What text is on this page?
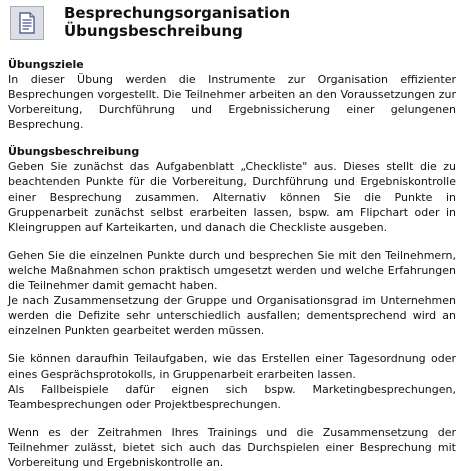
Besprechungsorganisation
Übungsbeschreibung
Übungsziele

In dieser Übung werden die Instrumente zur Organisation effizienter Besprechungen vorgestellt. Die Teilnehmer arbeiten an den Voraussetzungen zur Vorbereitung, Durchführung und Ergebnissicherung einer gelungenen Besprechung.

Übungsbeschreibung

Geben Sie zunächst das Aufgabenblatt „Checkliste" aus. Dieses stellt die zu beachtenden Punkte für die Vorbereitung, Durchführung und Ergebniskontrolle einer Besprechung zusammen. Alternativ können Sie die Punkte in Gruppenarbeit zunächst selbst erarbeiten lassen, bspw. am Flipchart oder in Kleingruppen auf Karteikarten, und danach die Checkliste ausgeben.

Gehen Sie die einzelnen Punkte durch und besprechen Sie mit den Teilnehmern, welche Maßnahmen schon praktisch umgesetzt werden und welche Erfahrungen die Teilnehmer damit gemacht haben.

Je nach Zusammensetzung der Gruppe und Organisationsgrad im Unternehmen werden die Defizite sehr unterschiedlich ausfallen; dementsprechend wird an einzelnen Punkten gearbeitet werden müssen.

Sie können daraufhin Teilaufgaben, wie das Erstellen einer Tagesordnung oder eines Gesprächsprotokolls, in Gruppenarbeit erarbeiten lassen.

Als Fallbeispiele dafür eignen sich bspw. Marketingbesprechungen, Teambesprechungen oder Projektbesprechungen.

Wenn es der Zeitrahmen Ihres Trainings und die Zusammensetzung der Teilnehmer zulässt, bietet sich auch das Durchspielen einer Besprechung mit Vorbereitung und Ergebniskontrolle an.
